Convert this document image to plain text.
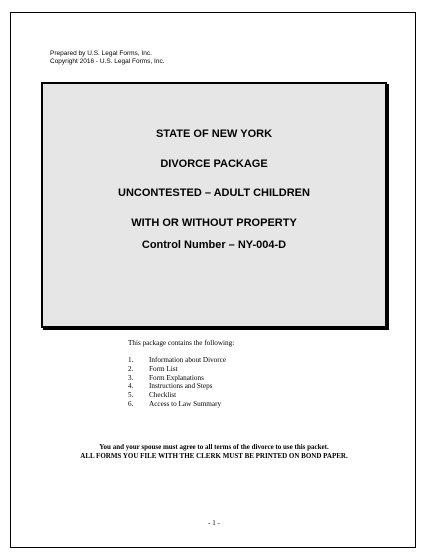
Prepared by U.S. Legal Forms, Inc.
Copyright 2016 - U.S. Legal Forms, Inc.
STATE OF NEW YORK
DIVORCE PACKAGE
UNCONTESTED – ADULT CHILDREN
WITH OR WITHOUT PROPERTY
Control Number – NY-004-D
This package contains the following:
1.	Information about Divorce
2.	Form List
3.	Form Explanations
4.	Instructions and Steps
5.	Checklist
6.	Access to Law Summary
You and your spouse must agree to all terms of the divorce to use this packet.
ALL FORMS YOU FILE WITH THE CLERK MUST BE PRINTED ON BOND PAPER.
- 1 -
